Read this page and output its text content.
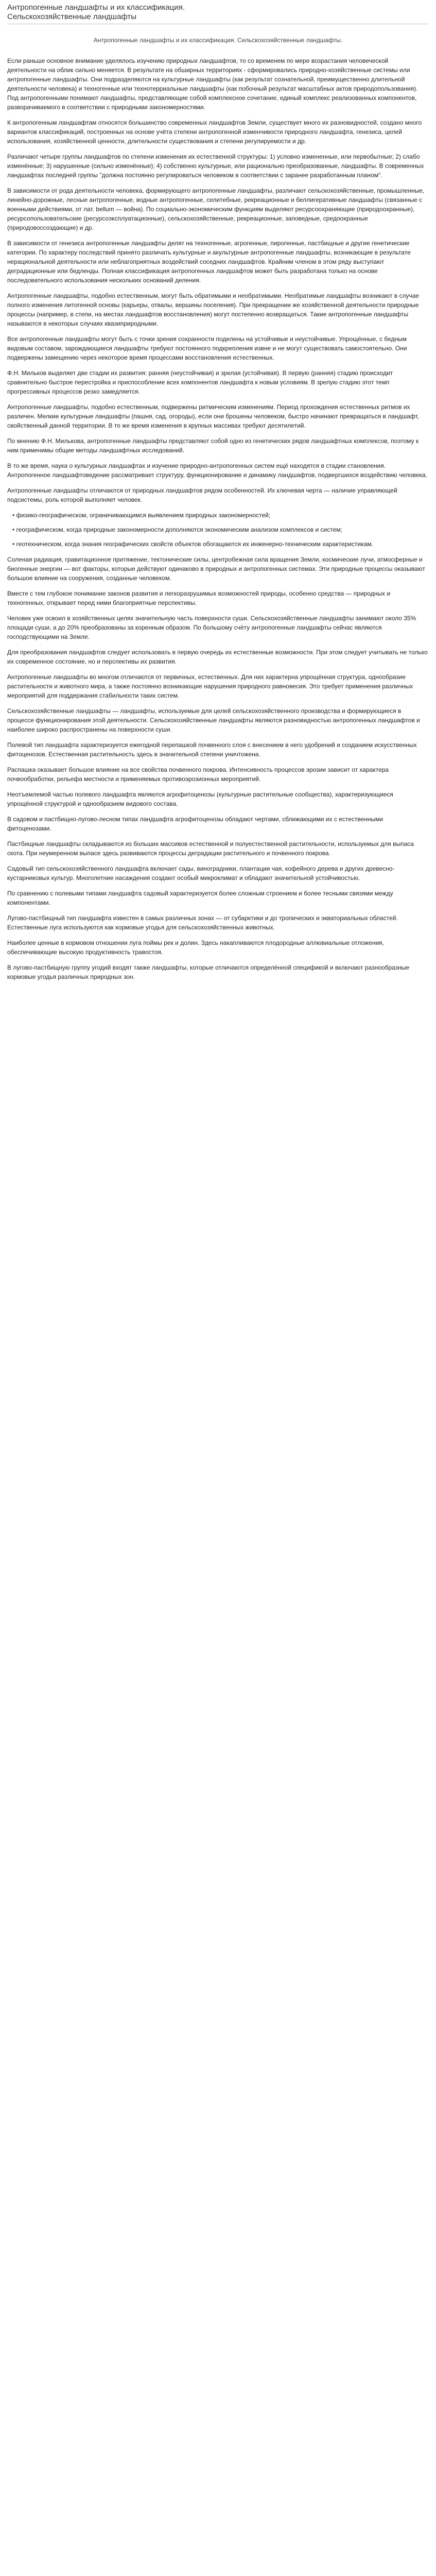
Антропогенные ландшафты и их классификация.
Сельскохозяйственные ландшафты
Антропогенные ландшафты и их классификация. Сельскохозяйственные ландшафты.

Если раньше основное внимание уделялось изучению природных ландшафтов, то со временем по мере возрастания человеческой деятельности на облик сильно меняется. В результате на обширных территориях - сформировались природно-хозяйственные системы или антропогенные ландшафты. Они подразделяются на культурные ландшафты (как результат сознательной, преимущественно длительной деятельности человека) и техногенные или технотерриальные ландшафты (как побочный результат масштабных актов природопользования). Под антропогенными понимают ландшафты, представляющие собой комплексное сочетание, единый комплекс реализованных компонентов, разворачиваемого в соответствии с природными закономерностями.

К антропогенным ландшафтам относятся большинство современных ландшафтов Земли, существует много их разновидностей, создано много вариантов классификаций, построенных на основе учёта степени антропогенной изменчивости природного ландшафта, генезиса, целей использования, хозяйственной ценности, длительности существования и степени регулируемости и др.

Различают четыре группы ландшафтов по степени изменения их естественной структуры: 1) условно измененные, или первобытные; 2) слабо изменённые; 3) нарушенные (сильно изменённые); 4) собственно культурные, или рационально преобразованные, ландшафты. В современных ландшафтах последней группы "должна постоянно регулироваться человеком в соответствии с заранее разработанным планом".

В зависимости от рода деятельности человека, формирующего антропогенные ландшафты, различают сельскохозяйственные, промышленные, линейно-дорожные, лесные антропогенные, водные антропогенные, селитебные, рекреационные и беллигеративные ландшафты (связанные с военными действиями, от лат. bellum — война). По социально-экономическим функциям выделяют ресурсоохраняющие (природоохранные), ресурсопользовательские (ресурсоэксплуатационные), сельскохозяйственные, рекреационные, заповедные, средоохранные (природовоссоздающие) и др.

В зависимости от генезиса антропогенные ландшафты делят на техногенные, агрогенные, пирогенные, пастбищные и другие генетические категории. По характеру последствий принято различать культурные и акультурные антропогенные ландшафты, возникающие в результате нерациональной деятельности или неблагоприятных воздействий соседних ландшафтов. Крайним членом в этом ряду выступают деградационные или бедленды. Полная классификация антропогенных ландшафтов может быть разработана только на основе последовательного использования нескольких оснований деления.

Антропогенные ландшафты, подобно естественным, могут быть обратимыми и необратимыми. Необратимые ландшафты возникают в случае полного изменения литогенной основы (карьеры, отвалы, вершины поселения). При прекращении же хозяйственной деятельности природные процессы (например, в степи, на местах ландшафтов восстановления) могут постепенно возвращаться. Такие антропогенные ландшафты называются в некоторых случаях квазиприродными.

Все антропогенные ландшафты могут быть с точки зрения сохранности поделены на устойчивые и неустойчивые. Упрощённые, с бедным видовым составом, зарождающиеся ландшафты требуют постоянного подкрепления извне и не могут существовать самостоятельно. Они подвержены замещению через некоторое время процессами восстановления естественных.

Ф.Н. Мильков выделяет две стадии их развития: ранняя (неустойчивая) и зрелая (устойчивая). В первую (ранняя) стадию происходит сравнительно быстрое перестройка и приспособление всех компонентов ландшафта к новым условиям. В зрелую стадию этот темп прогрессивных процессов резко замедляется.

Антропогенные ландшафты, подобно естественным, подвержены ритмическим изменениям. Период прохождения естественных ритмов их различен. Мелкие культурные ландшафты (пашня, сад, огороды), если они брошены человеком, быстро начинают превращаться в ландшафт, свойственный данной территории. В то же время изменения в крупных массивах требуют десятилетий.

По мнению Ф.Н. Милькова, антропогенные ландшафты представляют собой одно из генетических рядов ландшафтных комплексов, поэтому к ним применимы общие методы ландшафтных исследований.

В то же время, наука о культурных ландшафтах и изучение природно-антропогенных систем ещё находятся в стадии становления. Антропогенное ландшафтоведение рассматривает структуру, функционирование и динамику ландшафтов, подвергшихся воздействию человека.

Антропогенные ландшафты отличаются от природных ландшафтов рядом особенностей. Их ключевая черта — наличие управляющей подсистемы, роль которой выполняет человек.

• физико-географическом, ограничивающимся выявлением природных закономерностей;
• географическом, когда природные закономерности дополняются экономическим анализом комплексов и систем;
• геотехническом, когда знания географических свойств объектов обогащаются их инженерно-техническим характеристикам.

Соленая радиация, гравитационное притяжение, тектонические силы, центробежная сила вращения Земли, космические лучи, атмосферные и биогенные энергии — вот факторы, которые действуют одинаково в природных и антропогенных системах. Эти природные процессы оказывают большое влияние на сооружения, созданные человеком.

Вместе с тем глубокое понимание законов развития и легкоразрушимых возможностей природы, особенно средства — природных и техногенных, открывает перед ними благоприятные перспективы.

Человек уже освоил в хозяйственных целях значительную часть поверхности суши. Сельскохозяйственные ландшафты занимают около 35% площади суши, а до 20% преобразованы за коренным образом. По большому счёту антропогенные ландшафты сейчас являются господствующими на Земле.

Для преобразования ландшафтов следует использовать в первую очередь их естественные возможности. При этом следует учитывать не только их современное состояние, но и перспективы их развития.

Антропогенные ландшафты во многом отличаются от первичных, естественных. Для них характерна упрощённая структура, однообразие растительности и животного мира, а также постоянно возникающие нарушения природного равновесия. Это требует применения различных мероприятий для поддержания стабильности таких систем.

Сельскохозяйственные ландшафты — ландшафты, используемые для целей сельскохозяйственного производства и формирующиеся в процессе функционирования этой деятельности. Сельскохозяйственные ландшафты являются разновидностью антропогенных ландшафтов и наиболее широко распространены на поверхности суши.

Полевой тип ландшафта характеризуется ежегодной перепашкой почвенного слоя с внесением в него удобрений и созданием искусственных фитоценозов. Естественная растительность здесь в значительной степени уничтожена.

Распашка оказывает большое влияние на все свойства почвенного покрова. Интенсивность процессов эрозии зависит от характера почвообработки, рельефа местности и применяемых противоэрозионных мероприятий.

Неотъемлемой частью полевого ландшафта являются агрофитоценозы (культурные растительные сообщества), характеризующиеся упрощённой структурой и однообразием видового состава.

В садовом и пастбищно-лугово-лесном типах ландшафта агрофитоценозы обладают чертами, сближающими их с естественными фитоценозами.

Пастбищные ландшафты складываются из больших массивов естественной и полуестественной растительности, используемых для выпаса скота. При неумеренном выпасе здесь развиваются процессы деградации растительного и почвенного покрова.

Садовый тип сельскохозяйственного ландшафта включает сады, виноградники, плантации чая, кофейного дерева и других древесно-кустарниковых культур. Многолетние насаждения создают особый микроклимат и обладают значительной устойчивостью.

По сравнению с полевыми типами ландшафта садовый характеризуется более сложным строением и более тесными связями между компонентами.

Лугово-пастбищный тип ландшафта известен в самых различных зонах — от субарктики и до тропических и экваториальных областей. Естественные луга используются как кормовые угодья для сельскохозяйственных животных.

Наиболее ценные в кормовом отношении луга поймы рек и долин. Здесь накапливаются плодородные аллювиальные отложения, обеспечивающие высокую продуктивность травостоя.

В лугово-пастбищную группу угодий входят также ландшафты, которые отличаются определённой спецификой и включают разнообразные кормовые угодья различных природных зон.
